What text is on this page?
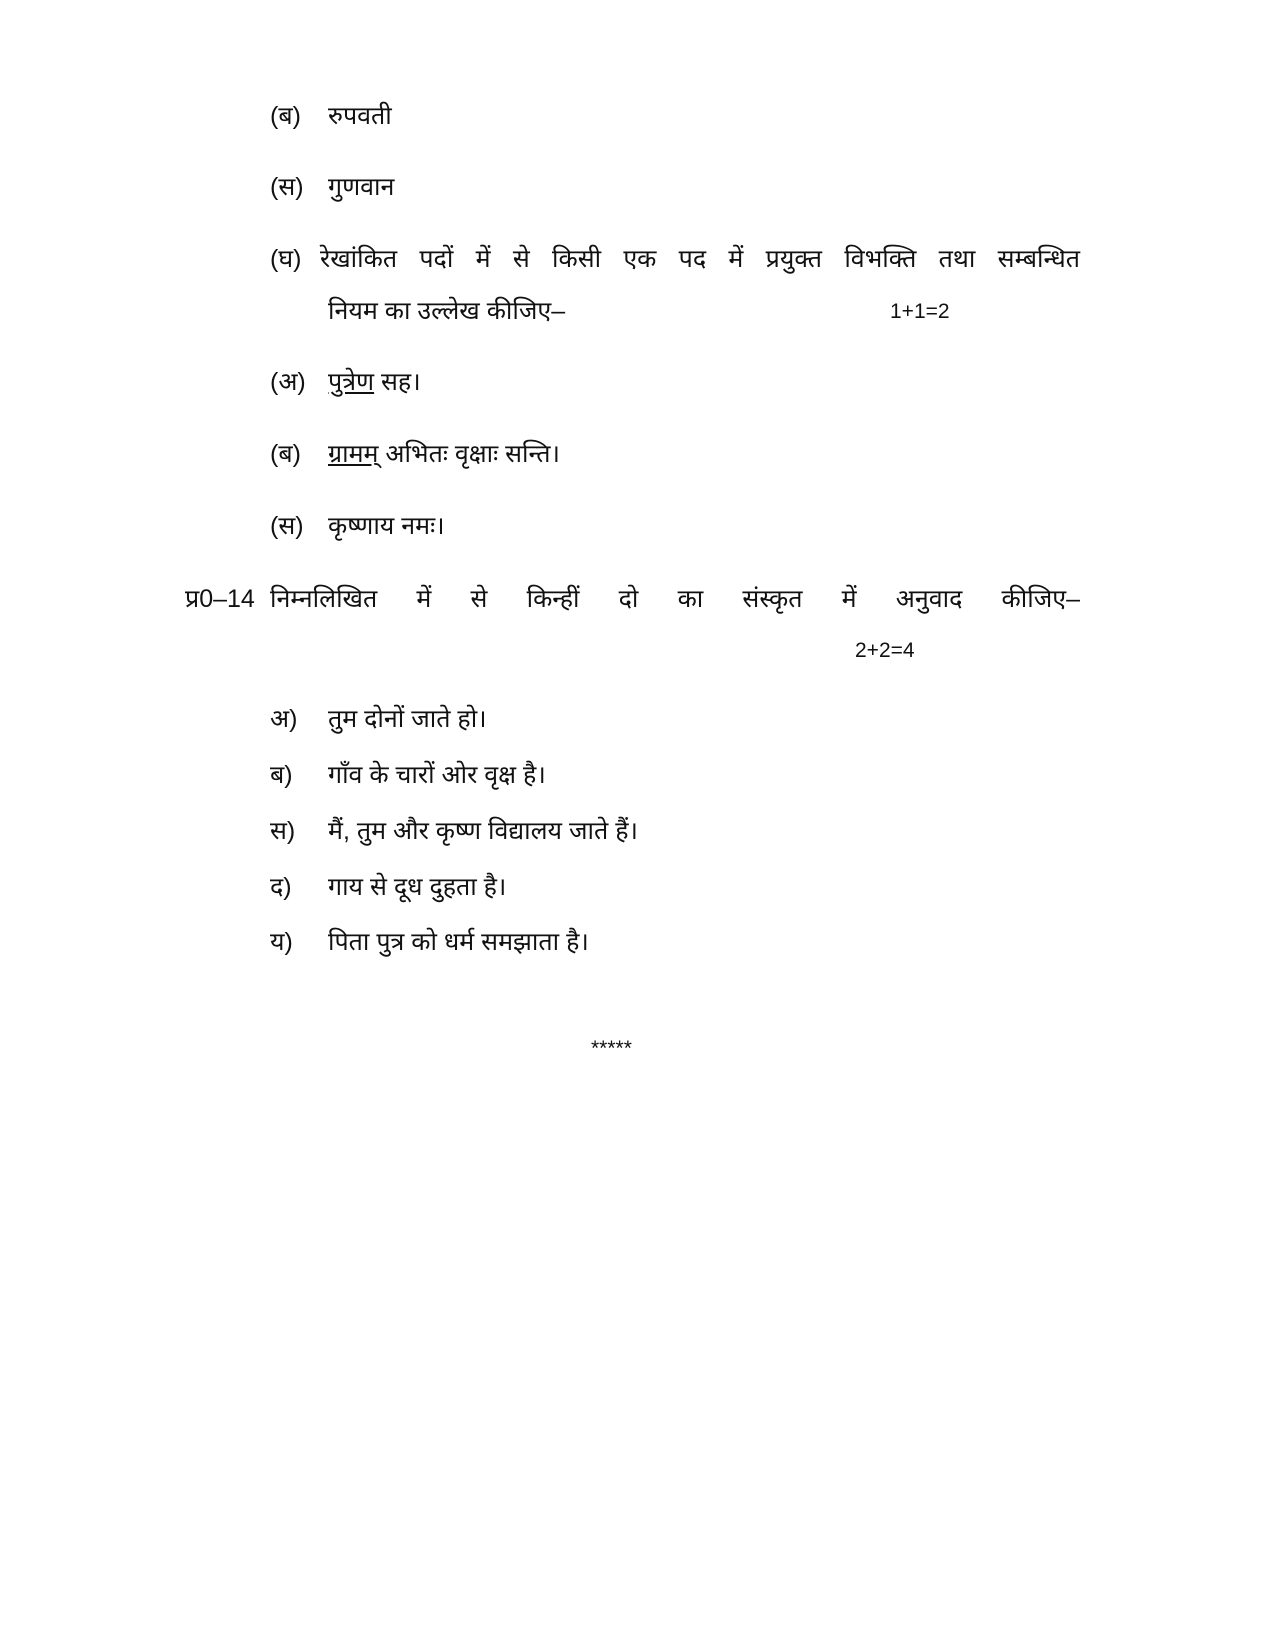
(ब) रुपवती
(स) गुणवान
(घ) रेखांकित पदों में से किसी एक पद में प्रयुक्त विभक्ति तथा सम्बन्धित
नियम का उल्लेख कीजिए–	1+1=2
(अ) पुत्रेण सह।
(ब) ग्रामम् अभितः वृक्षाः सन्ति।
(स) कृष्णाय नमः।
प्र0–14 निम्नलिखित में से किन्हीं दो का संस्कृत में अनुवाद कीजिए–
2+2=4
अ) तुम दोनों जाते हो।
ब) गाँव के चारों ओर वृक्ष है।
स) मैं, तुम और कृष्ण विद्यालय जाते हैं।
द) गाय से दूध दुहता है।
य) पिता पुत्र को धर्म समझाता है।
*****
